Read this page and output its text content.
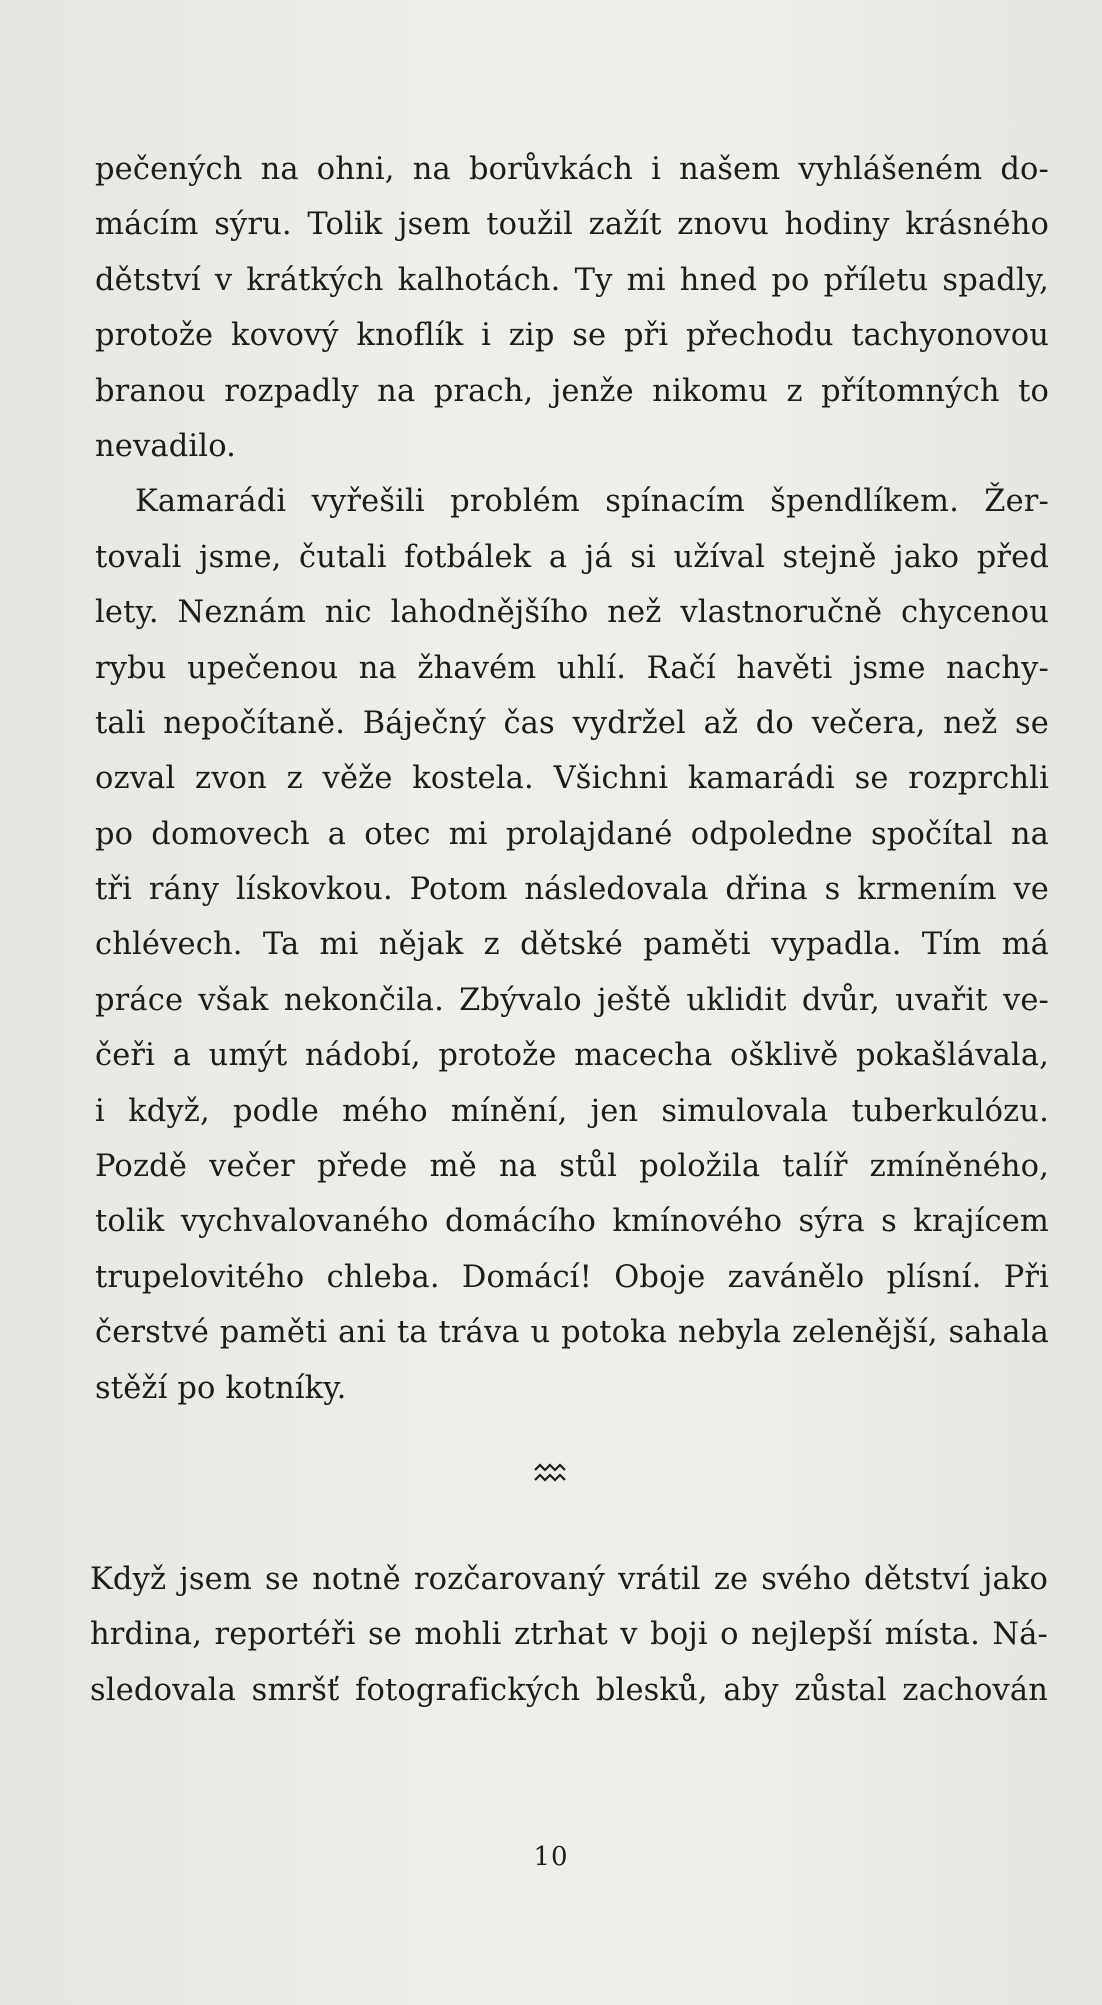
pečených na ohni, na borůvkách i našem vyhlášeném do-
mácím sýru. Tolik jsem toužil zažít znovu hodiny krásného
dětství v krátkých kalhotách. Ty mi hned po příletu spadly,
protože kovový knoflík i zip se při přechodu tachyonovou
branou rozpadly na prach, jenže nikomu z přítomných to
nevadilo.
Kamarádi vyřešili problém spínacím špendlíkem. Žer-
tovali jsme, čutali fotbálek a já si užíval stejně jako před
lety. Neznám nic lahodnějšího než vlastnoručně chycenou
rybu upečenou na žhavém uhlí. Račí havěti jsme nachy-
tali nepočítaně. Báječný čas vydržel až do večera, než se
ozval zvon z věže kostela. Všichni kamarádi se rozprchli
po domovech a otec mi prolajdané odpoledne spočítal na
tři rány lískovkou. Potom následovala dřina s krmením ve
chlévech. Ta mi nějak z dětské paměti vypadla. Tím má
práce však nekončila. Zbývalo ještě uklidit dvůr, uvařit ve-
čeři a umýt nádobí, protože macecha ošklivě pokašlávala,
i když, podle mého mínění, jen simulovala tuberkulózu.
Pozdě večer přede mě na stůl položila talíř zmíněného,
tolik vychvalovaného domácího kmínového sýra s krajícem
trupelovitého chleba. Domácí! Oboje zavánělo plísní. Při
čerstvé paměti ani ta tráva u potoka nebyla zelenější, sahala
stěží po kotníky.
Když jsem se notně rozčarovaný vrátil ze svého dětství jako
hrdina, reportéři se mohli ztrhat v boji o nejlepší místa. Ná-
sledovala smršť fotografických blesků, aby zůstal zachován
10
